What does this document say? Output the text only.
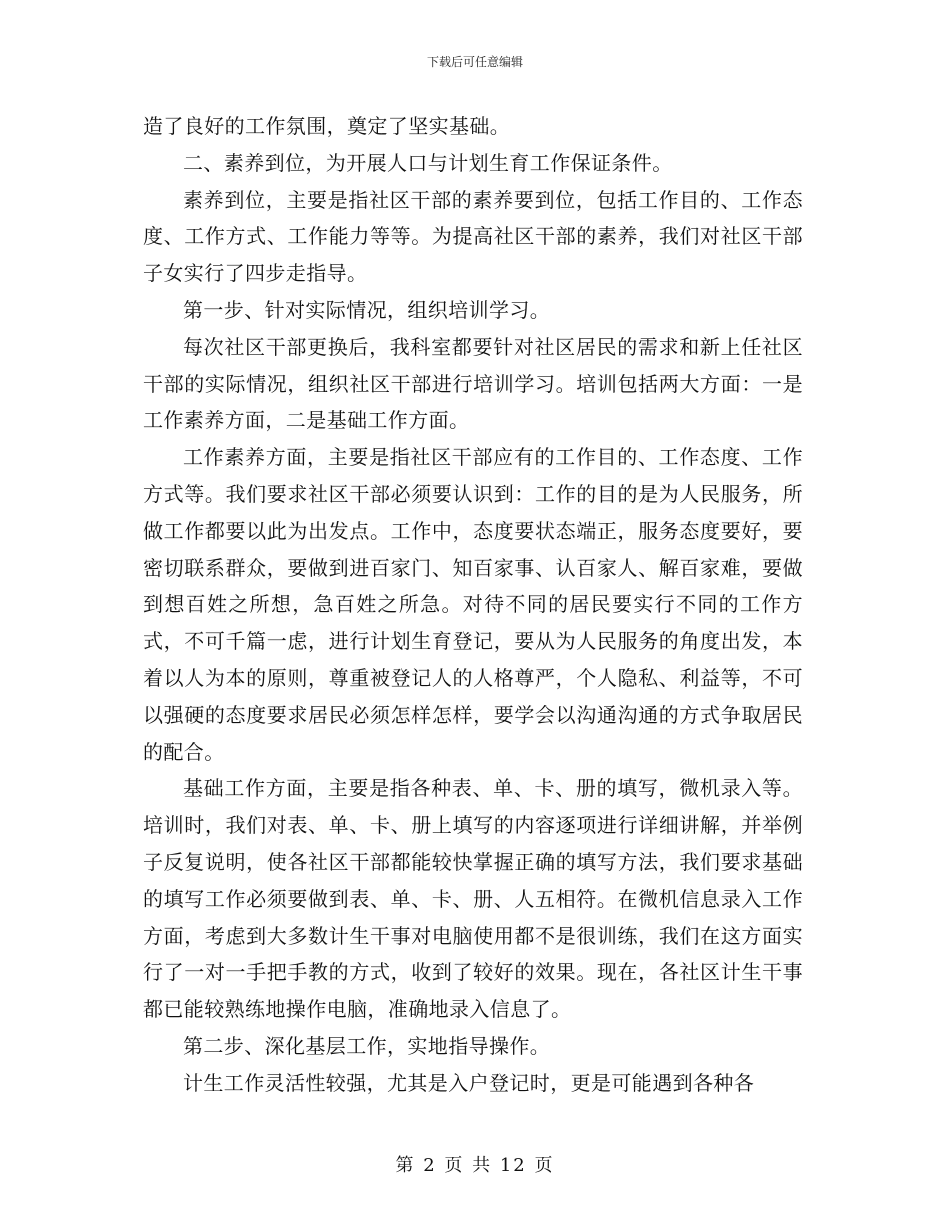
下载后可任意编辑

造了良好的工作氛围，奠定了坚实基础。

二、素养到位，为开展人口与计划生育工作保证条件。

素养到位，主要是指社区干部的素养要到位，包括工作目的、工作态度、工作方式、工作能力等等。为提高社区干部的素养，我们对社区干部子女实行了四步走指导。

第一步、针对实际情况，组织培训学习。

每次社区干部更换后，我科室都要针对社区居民的需求和新上任社区干部的实际情况，组织社区干部进行培训学习。培训包括两大方面：一是工作素养方面，二是基础工作方面。

工作素养方面，主要是指社区干部应有的工作目的、工作态度、工作方式等。我们要求社区干部必须要认识到：工作的目的是为人民服务，所做工作都要以此为出发点。工作中，态度要状态端正，服务态度要好，要密切联系群众，要做到进百家门、知百家事、认百家人、解百家难，要做到想百姓之所想，急百姓之所急。对待不同的居民要实行不同的工作方式，不可千篇一虑，进行计划生育登记，要从为人民服务的角度出发，本着以人为本的原则，尊重被登记人的人格尊严，个人隐私、利益等，不可以强硬的态度要求居民必须怎样怎样，要学会以沟通沟通的方式争取居民的配合。

基础工作方面，主要是指各种表、单、卡、册的填写，微机录入等。培训时，我们对表、单、卡、册上填写的内容逐项进行详细讲解，并举例子反复说明，使各社区干部都能较快掌握正确的填写方法，我们要求基础的填写工作必须要做到表、单、卡、册、人五相符。在微机信息录入工作方面，考虑到大多数计生干事对电脑使用都不是很训练，我们在这方面实行了一对一手把手教的方式，收到了较好的效果。现在，各社区计生干事都已能较熟练地操作电脑，准确地录入信息了。

第二步、深化基层工作，实地指导操作。

计生工作灵活性较强，尤其是入户登记时，更是可能遇到各种各

第 2 页 共 12 页
